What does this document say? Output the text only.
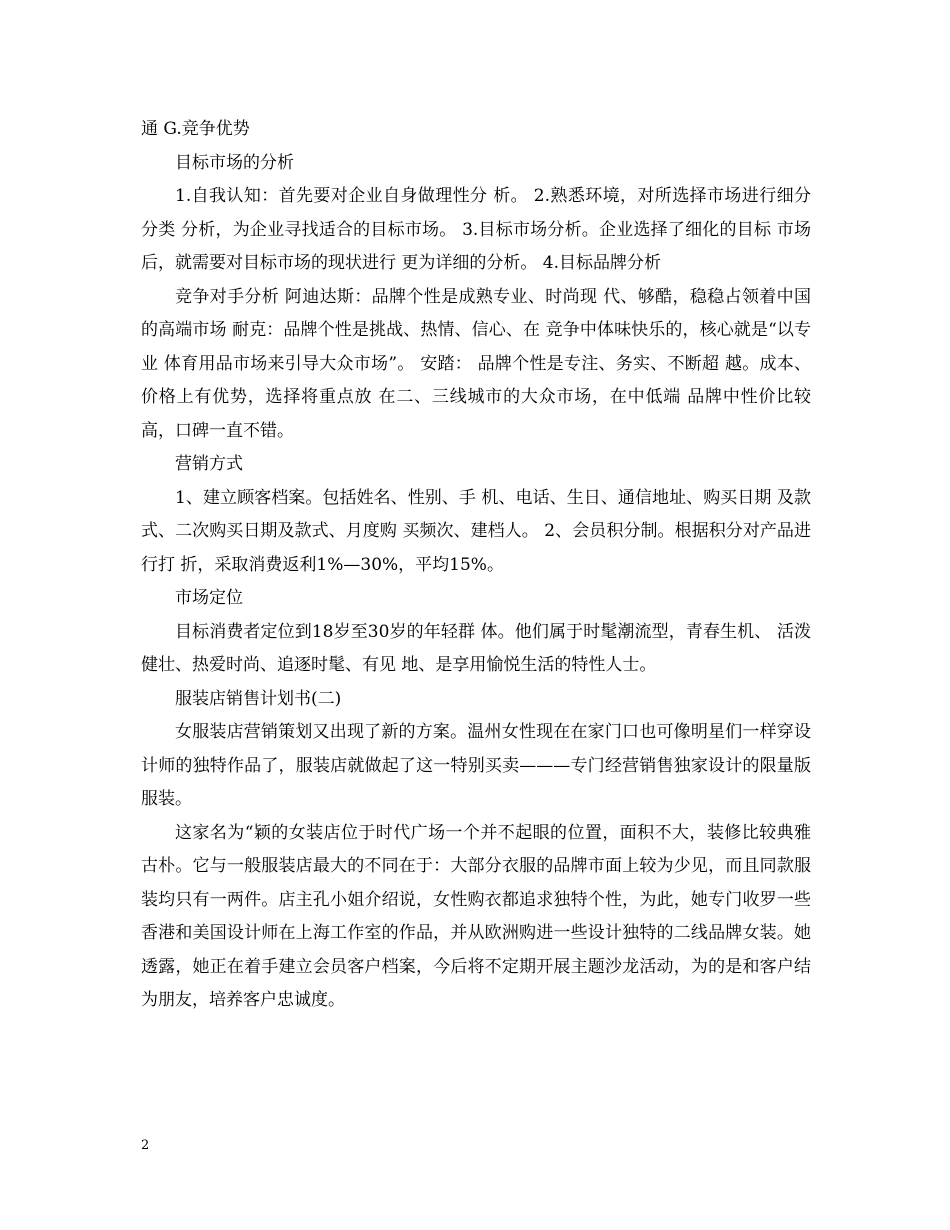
通 G.竞争优势

目标市场的分析

1.自我认知：首先要对企业自身做理性分 析。 2.熟悉环境，对所选择市场进行细分分类 分析，为企业寻找适合的目标市场。 3.目标市场分析。企业选择了细化的目标 市场后，就需要对目标市场的现状进行 更为详细的分析。 4.目标品牌分析

竞争对手分析 阿迪达斯：品牌个性是成熟专业、时尚现 代、够酷，稳稳占领着中国的高端市场 耐克：品牌个性是挑战、热情、信心、在 竞争中体味快乐的，核心就是“以专 业 体育用品市场来引导大众市场”。 安踏： 品牌个性是专注、务实、不断超 越。成本、价格上有优势，选择将重点放 在二、三线城市的大众市场，在中低端 品牌中性价比较高，口碑一直不错。

营销方式

1、建立顾客档案。包括姓名、性别、手 机、电话、生日、通信地址、购买日期 及款式、二次购买日期及款式、月度购 买频次、建档人。 2、会员积分制。根据积分对产品进行打 折，采取消费返利1%—30%，平均15%。

市场定位

目标消费者定位到18岁至30岁的年轻群 体。他们属于时髦潮流型，青春生机、 活泼健壮、热爱时尚、追逐时髦、有见 地、是享用愉悦生活的特性人士。

服装店销售计划书(二)

女服装店营销策划又出现了新的方案。温州女性现在在家门口也可像明星们一样穿设计师的独特作品了，服装店就做起了这一特别买卖———专门经营销售独家设计的限量版服装。

这家名为“颖的女装店位于时代广场一个并不起眼的位置，面积不大，装修比较典雅古朴。它与一般服装店最大的不同在于：大部分衣服的品牌市面上较为少见，而且同款服装均只有一两件。店主孔小姐介绍说，女性购衣都追求独特个性，为此，她专门收罗一些香港和美国设计师在上海工作室的作品，并从欧洲购进一些设计独特的二线品牌女装。她透露，她正在着手建立会员客户档案，今后将不定期开展主题沙龙活动，为的是和客户结为朋友，培养客户忠诚度。

2
